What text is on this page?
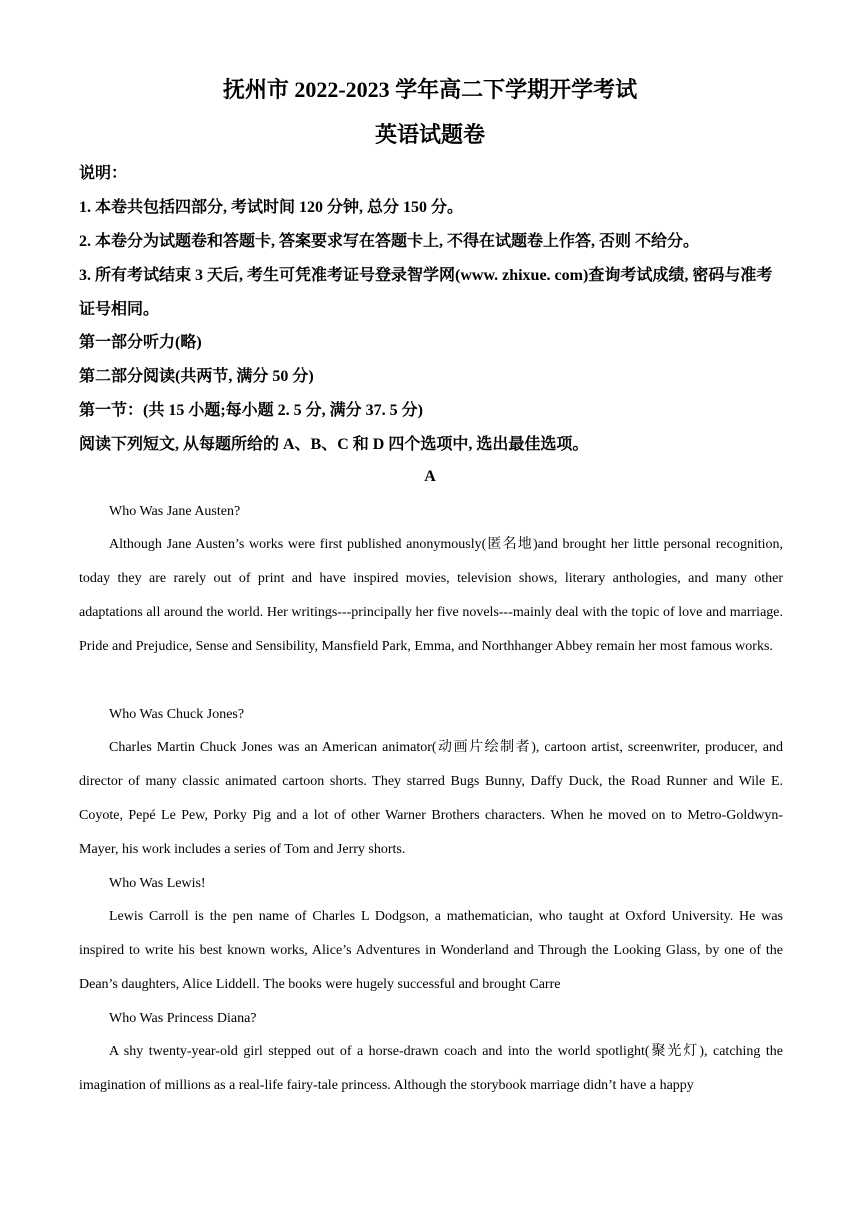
抚州市 2022-2023 学年高二下学期开学考试
英语试题卷
说明：
1. 本卷共包括四部分, 考试时间 120 分钟, 总分 150 分。
2. 本卷分为试题卷和答题卡, 答案要求写在答题卡上, 不得在试题卷上作答, 否则 不给分。
3. 所有考试结束 3 天后, 考生可凭准考证号登录智学网(www. zhixue. com)查询考试成绩, 密码与准考证号相同。
第一部分听力(略)
第二部分阅读(共两节, 满分 50 分)
第一节：(共 15 小题;每小题 2. 5 分, 满分 37. 5 分)
阅读下列短文, 从每题所给的 A、B、C 和 D 四个选项中, 选出最佳选项。
A
Who Was Jane Austen?

Although Jane Austen’s works were first published anonymously(匿名地)and brought her little personal recognition, today they are rarely out of print and have inspired movies, television shows, literary anthologies, and many other adaptations all around the world. Her writings---principally her five novels---mainly deal with the topic of love and marriage. Pride and Prejudice, Sense and Sensibility, Mansfield Park, Emma, and Northhanger Abbey remain her most famous works.

Who Was Chuck Jones?

Charles Martin Chuck Jones was an American animator(动画片绘制者), cartoon artist, screenwriter, producer, and director of many classic animated cartoon shorts. They starred Bugs Bunny, Daffy Duck, the Road Runner and Wile E. Coyote, Pepé Le Pew, Porky Pig and a lot of other Warner Brothers characters. When he moved on to Metro-Goldwyn-Mayer, his work includes a series of Tom and Jerry shorts.

Who Was Lewis!

Lewis Carroll is the pen name of Charles L Dodgson, a mathematician, who taught at Oxford University. He was inspired to write his best known works, Alice’s Adventures in Wonderland and Through the Looking Glass, by one of the Dean’s daughters, Alice Liddell. The books were hugely successful and brought Carre

Who Was Princess Diana?

A shy twenty-year-old girl stepped out of a horse-drawn coach and into the world spotlight(聚光灯), catching the imagination of millions as a real-life fairy-tale princess. Although the storybook marriage didn’t have a happy
